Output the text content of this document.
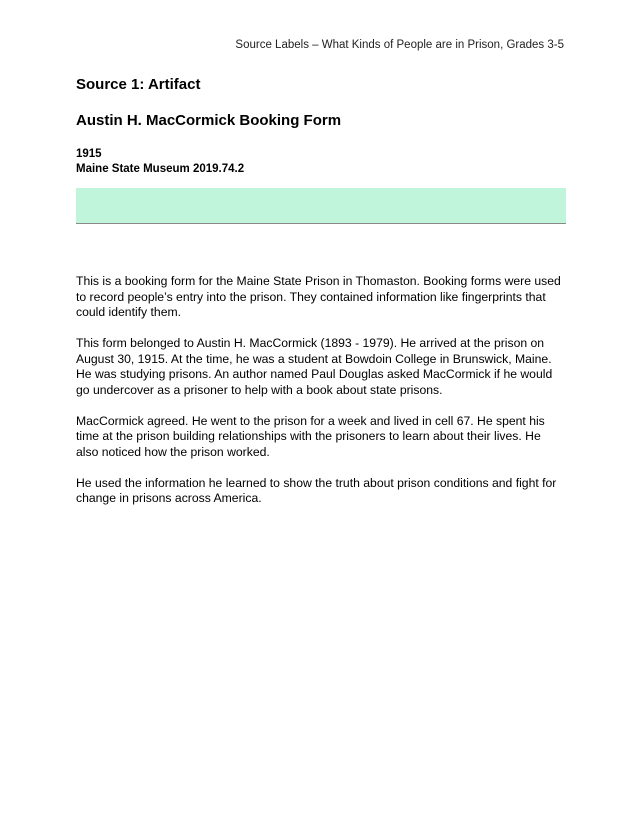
Source Labels – What Kinds of People are in Prison, Grades 3-5
Source 1: Artifact
Austin H. MacCormick Booking Form
1915
Maine State Museum 2019.74.2

This is a booking form for the Maine State Prison in Thomaston. Booking forms were used to record people’s entry into the prison. They contained information like fingerprints that could identify them.

This form belonged to Austin H. MacCormick (1893 - 1979). He arrived at the prison on August 30, 1915. At the time, he was a student at Bowdoin College in Brunswick, Maine. He was studying prisons. An author named Paul Douglas asked MacCormick if he would go undercover as a prisoner to help with a book about state prisons.

MacCormick agreed. He went to the prison for a week and lived in cell 67. He spent his time at the prison building relationships with the prisoners to learn about their lives. He also noticed how the prison worked.

He used the information he learned to show the truth about prison conditions and fight for change in prisons across America.
